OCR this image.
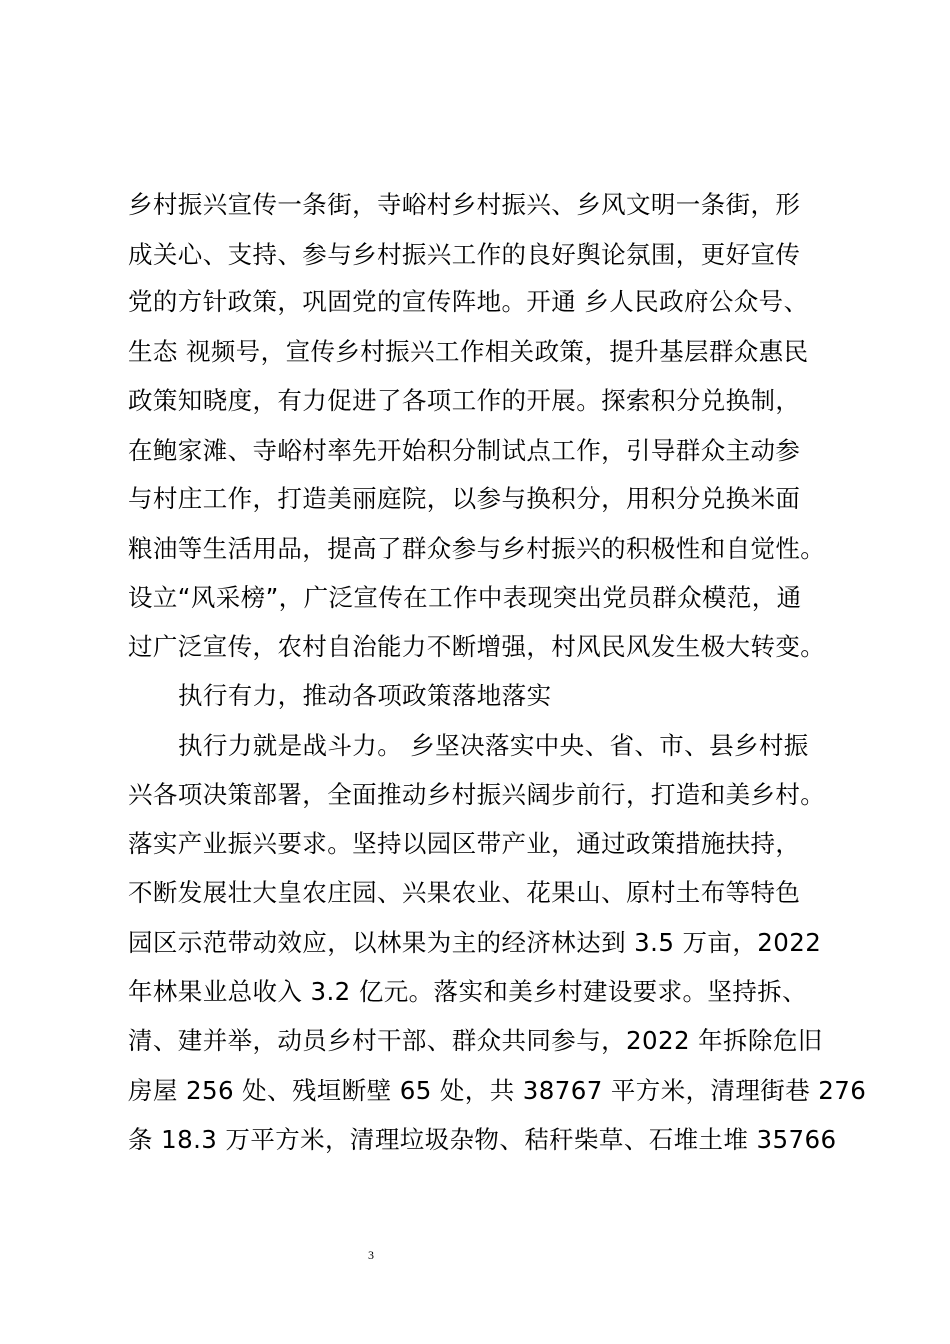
乡村振兴宣传一条街，寺峪村乡村振兴、乡风文明一条街，形
成关心、支持、参与乡村振兴工作的良好舆论氛围，更好宣传
党的方针政策，巩固党的宣传阵地。开通 乡人民政府公众号、
生态 视频号，宣传乡村振兴工作相关政策，提升基层群众惠民
政策知晓度，有力促进了各项工作的开展。探索积分兑换制，
在鲍家滩、寺峪村率先开始积分制试点工作，引导群众主动参
与村庄工作，打造美丽庭院，以参与换积分，用积分兑换米面
粮油等生活用品，提高了群众参与乡村振兴的积极性和自觉性。
设立“风采榜”，广泛宣传在工作中表现突出党员群众模范，通
过广泛宣传，农村自治能力不断增强，村风民风发生极大转变。
执行有力，推动各项政策落地落实
执行力就是战斗力。 乡坚决落实中央、省、市、县乡村振
兴各项决策部署，全面推动乡村振兴阔步前行，打造和美乡村。
落实产业振兴要求。坚持以园区带产业，通过政策措施扶持，
不断发展壮大皇农庄园、兴果农业、花果山、原村土布等特色
园区示范带动效应，以林果为主的经济林达到 3.5 万亩，2022
年林果业总收入 3.2 亿元。落实和美乡村建设要求。坚持拆、
清、建并举，动员乡村干部、群众共同参与，2022 年拆除危旧
房屋 256 处、残垣断壁 65 处，共 38767 平方米，清理街巷 276
条 18.3 万平方米，清理垃圾杂物、秸秆柴草、石堆土堆 35766
3
